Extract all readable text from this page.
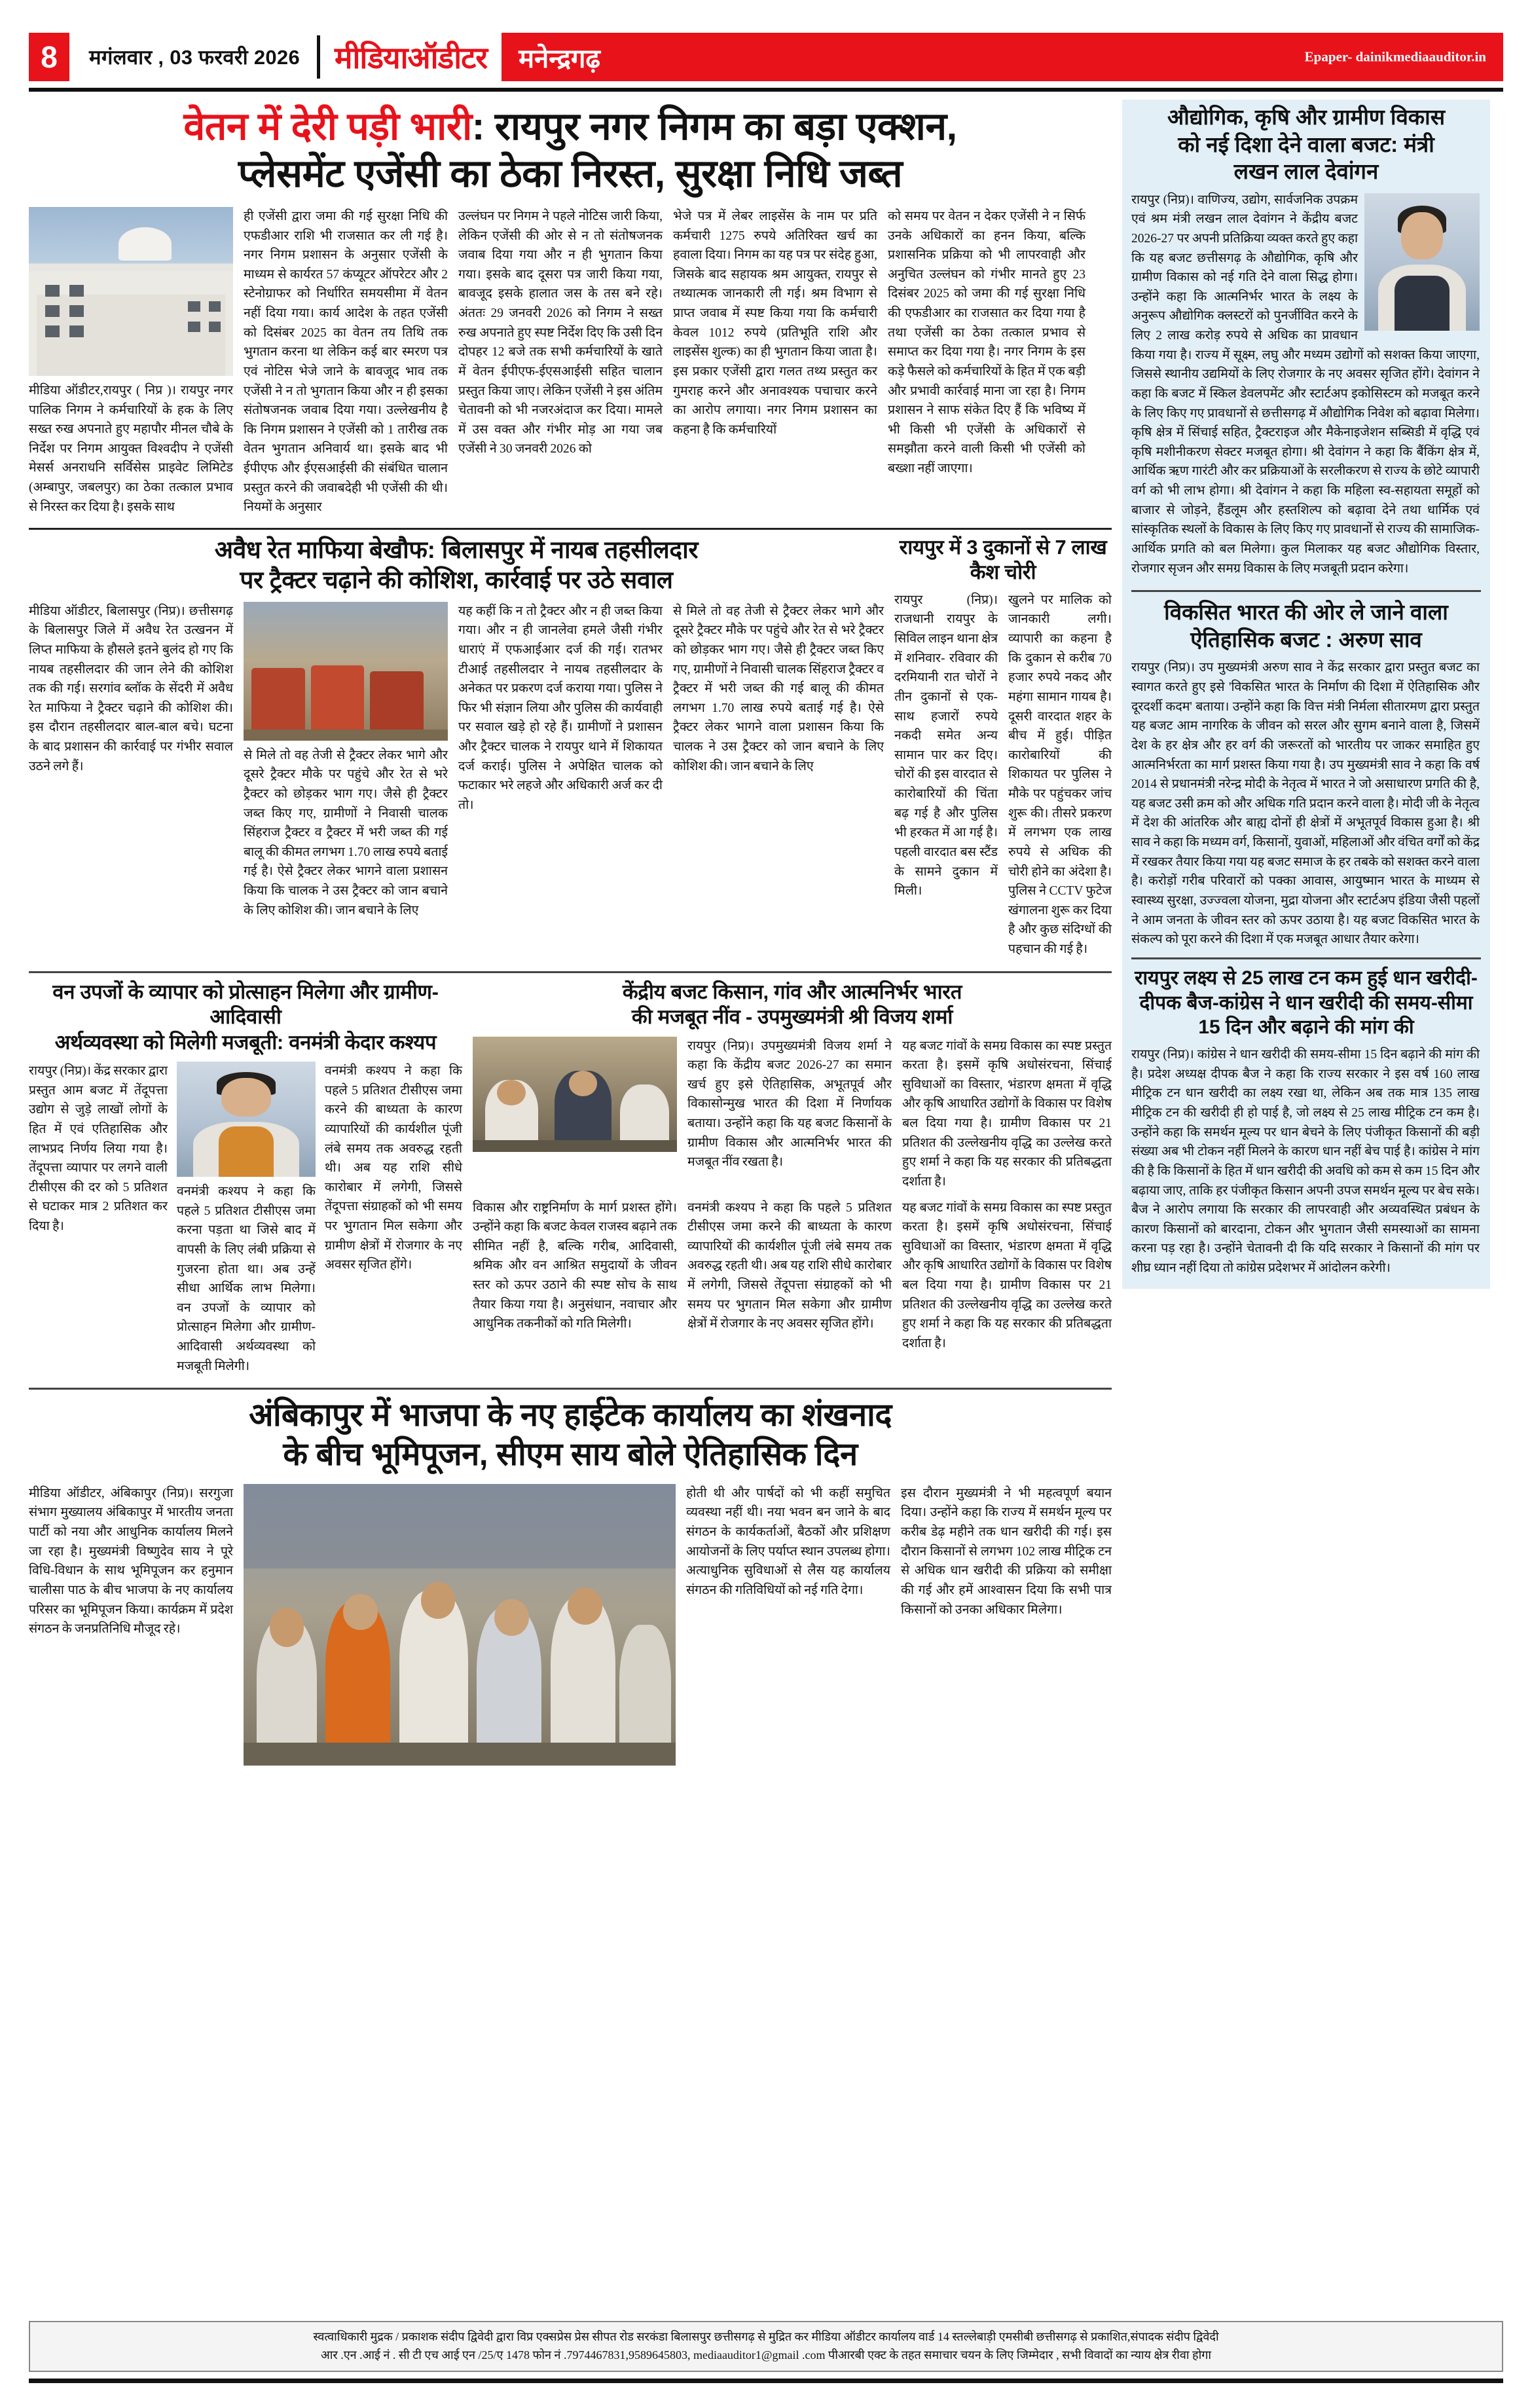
8	मगंलवार , 03 फरवरी 2026	मीडियाऑडीटर	मनेन्द्रगढ़	Epaper- dainikmediaauditor.in
वेतन में देरी पड़ी भारी: रायपुर नगर निगम का बड़ा एक्शन,
प्लेसमेंट एजेंसी का ठेका निरस्त, सुरक्षा निधि जब्त

मीडिया ऑडीटर,रायपुर ( निप्र )। रायपुर नगर पालिक निगम ने कर्मचारियों के हक के लिए सख्त रुख अपनाते हुए महापौर मीनल चौबे के निर्देश पर निगम आयुक्त विश्वदीप ने एजेंसी मेसर्स अनराधनि सर्विसेस प्राइवेट लिमिटेड (अम्बापुर, जबलपुर) का ठेका तत्काल प्रभाव से निरस्त कर दिया है। इसके साथ

ही एजेंसी द्वारा जमा की गई सुरक्षा निधि की एफडीआर राशि भी राजसात कर ली गई है। नगर निगम प्रशासन के अनुसार एजेंसी के माध्यम से कार्यरत 57 कंप्यूटर ऑपरेटर और 2 स्टेनोग्राफर को निर्धारित समयसीमा में वेतन नहीं दिया गया। कार्य आदेश के तहत एजेंसी को दिसंबर 2025 का वेतन तय तिथि तक भुगतान करना था लेकिन कई बार स्मरण पत्र एवं नोटिस भेजे जाने के बावजूद भाव तक एजेंसी ने न तो भुगतान किया और न ही इसका संतोषजनक जवाब दिया गया। उल्लेखनीय है कि निगम प्रशासन ने एजेंसी को 1 तारीख तक वेतन भुगतान अनिवार्य था। इसके बाद भी ईपीएफ और ईएसआईसी की संबंधित चालान प्रस्तुत करने की जवाबदेही भी एजेंसी की थी। नियमों के अनुसार

उल्लंघन पर निगम ने पहले नोटिस जारी किया, लेकिन एजेंसी की ओर से न तो संतोषजनक जवाब दिया गया और न ही भुगतान किया गया। इसके बाद दूसरा पत्र जारी किया गया, बावजूद इसके हालात जस के तस बने रहे। अंततः 29 जनवरी 2026 को निगम ने सख्त रुख अपनाते हुए स्पष्ट निर्देश दिए कि उसी दिन दोपहर 12 बजे तक सभी कर्मचारियों के खाते में वेतन ईपीएफ-ईएसआईसी सहित चालान प्रस्तुत किया जाए। लेकिन एजेंसी ने इस अंतिम चेतावनी को भी नजरअंदाज कर दिया। मामले में उस वक्त और गंभीर मोड़ आ गया जब एजेंसी ने 30 जनवरी 2026 को

भेजे पत्र में लेबर लाइसेंस के नाम पर प्रति कर्मचारी 1275 रुपये अतिरिक्त खर्च का हवाला दिया। निगम का यह पत्र पर संदेह हुआ, जिसके बाद सहायक श्रम आयुक्त, रायपुर से तथ्यात्मक जानकारी ली गई। श्रम विभाग से प्राप्त जवाब में स्पष्ट किया गया कि कर्मचारी केवल 1012 रुपये (प्रतिभूति राशि और लाइसेंस शुल्क) का ही भुगतान किया जाता है। इस प्रकार एजेंसी द्वारा गलत तथ्य प्रस्तुत कर गुमराह करने और अनावश्यक पचाचार करने का आरोप लगाया। नगर निगम प्रशासन का कहना है कि कर्मचारियों

को समय पर वेतन न देकर एजेंसी ने न सिर्फ उनके अधिकारों का हनन किया, बल्कि प्रशासनिक प्रक्रिया को भी लापरवाही और अनुचित उल्लंघन को गंभीर मानते हुए 23 दिसंबर 2025 को जमा की गई सुरक्षा निधि की एफडीआर का राजसात कर दिया गया है तथा एजेंसी का ठेका तत्काल प्रभाव से समाप्त कर दिया गया है। नगर निगम के इस कड़े फैसले को कर्मचारियों के हित में एक बड़ी और प्रभावी कार्रवाई माना जा रहा है। निगम प्रशासन ने साफ संकेत दिए हैं कि भविष्य में भी किसी भी एजेंसी के अधिकारों से समझौता करने वाली किसी भी एजेंसी को बख्शा नहीं जाएगा।

अवैध रेत माफिया बेखौफ: बिलासपुर में नायब तहसीलदार
पर ट्रैक्टर चढ़ाने की कोशिश, कार्रवाई पर उठे सवाल

मीडिया ऑडीटर, बिलासपुर (निप्र)। छत्तीसगढ़ के बिलासपुर जिले में अवैध रेत उत्खनन में लिप्त माफिया के हौसले इतने बुलंद हो गए कि नायब तहसीलदार की जान लेने की कोशिश तक की गई। सरगांव ब्लॉक के सेंदरी में अवैध रेत माफिया ने ट्रैक्टर चढ़ाने की कोशिश की। इस दौरान तहसीलदार बाल-बाल बचे। घटना के बाद प्रशासन की कार्रवाई पर गंभीर सवाल उठने लगे हैं।

से मिले तो वह तेजी से ट्रैक्टर लेकर भागे और दूसरे ट्रैक्टर मौके पर पहुंचे और रेत से भरे ट्रैक्टर को छोड़कर भाग गए। जैसे ही ट्रैक्टर जब्त किए गए, ग्रामीणों ने निवासी चालक सिंहराज ट्रैक्टर व ट्रैक्टर में भरी जब्त की गई बालू की कीमत लगभग 1.70 लाख रुपये बताई गई है। ऐसे ट्रैक्टर लेकर भागने वाला प्रशासन किया कि चालक ने उस ट्रैक्टर को जान बचाने के लिए कोशिश की। जान बचाने के लिए

यह कहीं कि न तो ट्रैक्टर और न ही जब्त किया गया। और न ही जानलेवा हमले जैसी गंभीर धाराएं में एफआईआर दर्ज की गई। रातभर टीआई तहसीलदार ने नायब तहसीलदार के अनेकत पर प्रकरण दर्ज कराया गया। पुलिस ने फिर भी संज्ञान लिया और पुलिस की कार्यवाही पर सवाल खड़े हो रहे हैं। ग्रामीणों ने प्रशासन और ट्रैक्टर चालक ने रायपुर थाने में शिकायत दर्ज कराई। पुलिस ने अपेक्षित चालक को फटाकार भरे लहजे और अधिकारी अर्ज कर दी तो।

से मिले तो वह तेजी से ट्रैक्टर लेकर भागे और दूसरे ट्रैक्टर मौके पर पहुंचे और रेत से भरे ट्रैक्टर को छोड़कर भाग गए। जैसे ही ट्रैक्टर जब्त किए गए, ग्रामीणों ने निवासी चालक सिंहराज ट्रैक्टर व ट्रैक्टर में भरी जब्त की गई बालू की कीमत लगभग 1.70 लाख रुपये बताई गई है। ऐसे ट्रैक्टर लेकर भागने वाला प्रशासन किया कि चालक ने उस ट्रैक्टर को जान बचाने के लिए कोशिश की। जान बचाने के लिए

रायपुर में 3 दुकानों से 7 लाख कैश चोरी

रायपुर (निप्र)। राजधानी रायपुर के सिविल लाइन थाना क्षेत्र में शनिवार- रविवार की दरमियानी रात चोरों ने तीन दुकानों से एक-साथ हजारों रुपये नकदी समेत अन्य सामान पार कर दिए। चोरों की इस वारदात से कारोबारियों की चिंता बढ़ गई है और पुलिस भी हरकत में आ गई है। पहली वारदात बस स्टैंड के सामने दुकान में मिली।

खुलने पर मालिक को जानकारी लगी। व्यापारी का कहना है कि दुकान से करीब 70 हजार रुपये नकद और महंगा सामान गायब है। दूसरी वारदात शहर के बीच में हुई। पीड़ित कारोबारियों की शिकायत पर पुलिस ने मौके पर पहुंचकर जांच शुरू की। तीसरे प्रकरण में लगभग एक लाख रुपये से अधिक की चोरी होने का अंदेशा है। पुलिस ने CCTV फुटेज खंगालना शुरू कर दिया है और कुछ संदिग्धों की पहचान की गई है।

वन उपजों के व्यापार को प्रोत्साहन मिलेगा और ग्रामीण-आदिवासी
अर्थव्यवस्था को मिलेगी मजबूती: वनमंत्री केदार कश्यप

रायपुर (निप्र)। केंद्र सरकार द्वारा प्रस्तुत आम बजट में तेंदूपत्ता उद्योग से जुड़े लाखों लोगों के हित में एवं एतिहासिक और लाभप्रद निर्णय लिया गया है। तेंदूपत्ता व्यापार पर लगने वाली टीसीएस की दर को 5 प्रतिशत से घटाकर मात्र 2 प्रतिशत कर दिया है।

वनमंत्री कश्यप ने कहा कि पहले 5 प्रतिशत टीसीएस जमा करना पड़ता था जिसे बाद में वापसी के लिए लंबी प्रक्रिया से गुजरना होता था। अब उन्हें सीधा आर्थिक लाभ मिलेगा। वन उपजों के व्यापार को प्रोत्साहन मिलेगा और ग्रामीण-आदिवासी अर्थव्यवस्था को मजबूती मिलेगी।

वनमंत्री कश्यप ने कहा कि पहले 5 प्रतिशत टीसीएस जमा करने की बाध्यता के कारण व्यापारियों की कार्यशील पूंजी लंबे समय तक अवरुद्ध रहती थी। अब यह राशि सीधे कारोबार में लगेगी, जिससे तेंदूपत्ता संग्राहकों को भी समय पर भुगतान मिल सकेगा और ग्रामीण क्षेत्रों में रोजगार के नए अवसर सृजित होंगे।

केंद्रीय बजट किसान, गांव और आत्मनिर्भर भारत
की मजबूत नींव - उपमुख्यमंत्री श्री विजय शर्मा

रायपुर (निप्र)। उपमुख्यमंत्री विजय शर्मा ने कहा कि केंद्रीय बजट 2026-27 का समान खर्च हुए इसे ऐतिहासिक, अभूतपूर्व और विकासोन्मुख भारत की दिशा में निर्णायक बताया। उन्होंने कहा कि यह बजट किसानों के ग्रामीण विकास और आत्मनिर्भर भारत की मजबूत नींव रखता है।

यह बजट गांवों के समग्र विकास का स्पष्ट प्रस्तुत करता है। इसमें कृषि अधोसंरचना, सिंचाई सुविधाओं का विस्तार, भंडारण क्षमता में वृद्धि और कृषि आधारित उद्योगों के विकास पर विशेष बल दिया गया है। ग्रामीण विकास पर 21 प्रतिशत की उल्लेखनीय वृद्धि का उल्लेख करते हुए शर्मा ने कहा कि यह सरकार की प्रतिबद्धता दर्शाता है।

विकास और राष्ट्रनिर्माण के मार्ग प्रशस्त होंगे। उन्होंने कहा कि बजट केवल राजस्व बढ़ाने तक सीमित नहीं है, बल्कि गरीब, आदिवासी, श्रमिक और वन आश्रित समुदायों के जीवन स्तर को ऊपर उठाने की स्पष्ट सोच के साथ तैयार किया गया है। अनुसंधान, नवाचार और आधुनिक तकनीकों को गति मिलेगी।

वनमंत्री कश्यप ने कहा कि पहले 5 प्रतिशत टीसीएस जमा करने की बाध्यता के कारण व्यापारियों की कार्यशील पूंजी लंबे समय तक अवरुद्ध रहती थी। अब यह राशि सीधे कारोबार में लगेगी, जिससे तेंदूपत्ता संग्राहकों को भी समय पर भुगतान मिल सकेगा और ग्रामीण क्षेत्रों में रोजगार के नए अवसर सृजित होंगे।

यह बजट गांवों के समग्र विकास का स्पष्ट प्रस्तुत करता है। इसमें कृषि अधोसंरचना, सिंचाई सुविधाओं का विस्तार, भंडारण क्षमता में वृद्धि और कृषि आधारित उद्योगों के विकास पर विशेष बल दिया गया है। ग्रामीण विकास पर 21 प्रतिशत की उल्लेखनीय वृद्धि का उल्लेख करते हुए शर्मा ने कहा कि यह सरकार की प्रतिबद्धता दर्शाता है।

अंबिकापुर में भाजपा के नए हाईटेक कार्यालय का शंखनाद
के बीच भूमिपूजन, सीएम साय बोले ऐतिहासिक दिन

मीडिया ऑडीटर, अंबिकापुर (निप्र)। सरगुजा संभाग मुख्यालय अंबिकापुर में भारतीय जनता पार्टी को नया और आधुनिक कार्यालय मिलने जा रहा है। मुख्यमंत्री विष्णुदेव साय ने पूरे विधि-विधान के साथ भूमिपूजन कर हनुमान चालीसा पाठ के बीच भाजपा के नए कार्यालय परिसर का भूमिपूजन किया। कार्यक्रम में प्रदेश संगठन के जनप्रतिनिधि मौजूद रहे।

होती थी और पार्षदों को भी कहीं समुचित व्यवस्था नहीं थी। नया भवन बन जाने के बाद संगठन के कार्यकर्ताओं, बैठकों और प्रशिक्षण आयोजनों के लिए पर्याप्त स्थान उपलब्ध होगा। अत्याधुनिक सुविधाओं से लैस यह कार्यालय संगठन की गतिविधियों को नई गति देगा।

इस दौरान मुख्यमंत्री ने भी महत्वपूर्ण बयान दिया। उन्होंने कहा कि राज्य में समर्थन मूल्य पर करीब डेढ़ महीने तक धान खरीदी की गई। इस दौरान किसानों से लगभग 102 लाख मीट्रिक टन से अधिक धान खरीदी की प्रक्रिया को समीक्षा की गई और हमें आश्वासन दिया कि सभी पात्र किसानों को उनका अधिकार मिलेगा।

औद्योगिक, कृषि और ग्रामीण विकास
को नई दिशा देने वाला बजट: मंत्री
लखन लाल देवांगन

रायपुर (निप्र)। वाणिज्य, उद्योग, सार्वजनिक उपक्रम एवं श्रम मंत्री लखन लाल देवांगन ने केंद्रीय बजट 2026-27 पर अपनी प्रतिक्रिया व्यक्त करते हुए कहा कि यह बजट छत्तीसगढ़ के औद्योगिक, कृषि और ग्रामीण विकास को नई गति देने वाला सिद्ध होगा। उन्होंने कहा कि आत्मनिर्भर भारत के लक्ष्य के अनुरूप औद्योगिक क्लस्टरों को पुनर्जीवित करने के लिए 2 लाख करोड़ रुपये से अधिक का प्रावधान किया गया है। राज्य में सूक्ष्म, लघु और मध्यम उद्योगों को सशक्त किया जाएगा, जिससे स्थानीय उद्यमियों के लिए रोजगार के नए अवसर सृजित होंगे। देवांगन ने कहा कि बजट में स्किल डेवलपमेंट और स्टार्टअप इकोसिस्टम को मजबूत करने के लिए किए गए प्रावधानों से छत्तीसगढ़ में औद्योगिक निवेश को बढ़ावा मिलेगा। कृषि क्षेत्र में सिंचाई सहित, ट्रैक्टराइज और मैकेनाइजेशन सब्सिडी में वृद्धि एवं कृषि मशीनीकरण सेक्टर मजबूत होगा। श्री देवांगन ने कहा कि बैंकिंग क्षेत्र में, आर्थिक ऋण गारंटी और कर प्रक्रियाओं के सरलीकरण से राज्य के छोटे व्यापारी वर्ग को भी लाभ होगा। श्री देवांगन ने कहा कि महिला स्व-सहायता समूहों को बाजार से जोड़ने, हैंडलूम और हस्तशिल्प को बढ़ावा देने तथा धार्मिक एवं सांस्कृतिक स्थलों के विकास के लिए किए गए प्रावधानों से राज्य की सामाजिक-आर्थिक प्रगति को बल मिलेगा। कुल मिलाकर यह बजट औद्योगिक विस्तार, रोजगार सृजन और समग्र विकास के लिए मजबूती प्रदान करेगा।

विकसित भारत की ओर ले जाने वाला
ऐतिहासिक बजट : अरुण साव

रायपुर (निप्र)। उप मुख्यमंत्री अरुण साव ने केंद्र सरकार द्वारा प्रस्तुत बजट का स्वागत करते हुए इसे 'विकसित भारत के निर्माण की दिशा में ऐतिहासिक और दूरदर्शी कदम' बताया। उन्होंने कहा कि वित्त मंत्री निर्मला सीतारमण द्वारा प्रस्तुत यह बजट आम नागरिक के जीवन को सरल और सुगम बनाने वाला है, जिसमें देश के हर क्षेत्र और हर वर्ग की जरूरतों को भारतीय पर जाकर समाहित हुए आत्मनिर्भरता का मार्ग प्रशस्त किया गया है। उप मुख्यमंत्री साव ने कहा कि वर्ष 2014 से प्रधानमंत्री नरेन्द्र मोदी के नेतृत्व में भारत ने जो असाधारण प्रगति की है, यह बजट उसी क्रम को और अधिक गति प्रदान करने वाला है। मोदी जी के नेतृत्व में देश की आंतरिक और बाह्य दोनों ही क्षेत्रों में अभूतपूर्व विकास हुआ है। श्री साव ने कहा कि मध्यम वर्ग, किसानों, युवाओं, महिलाओं और वंचित वर्गों को केंद्र में रखकर तैयार किया गया यह बजट समाज के हर तबके को सशक्त करने वाला है। करोड़ों गरीब परिवारों को पक्का आवास, आयुष्मान भारत के माध्यम से स्वास्थ्य सुरक्षा, उज्ज्वला योजना, मुद्रा योजना और स्टार्टअप इंडिया जैसी पहलों ने आम जनता के जीवन स्तर को ऊपर उठाया है। यह बजट विकसित भारत के संकल्प को पूरा करने की दिशा में एक मजबूत आधार तैयार करेगा।

रायपुर लक्ष्य से 25 लाख टन कम हुई धान खरीदी-
दीपक बैज-कांग्रेस ने धान खरीदी की समय-सीमा
15 दिन और बढ़ाने की मांग की

रायपुर (निप्र)। कांग्रेस ने धान खरीदी की समय-सीमा 15 दिन बढ़ाने की मांग की है। प्रदेश अध्यक्ष दीपक बैज ने कहा कि राज्य सरकार ने इस वर्ष 160 लाख मीट्रिक टन धान खरीदी का लक्ष्य रखा था, लेकिन अब तक मात्र 135 लाख मीट्रिक टन की खरीदी ही हो पाई है, जो लक्ष्य से 25 लाख मीट्रिक टन कम है। उन्होंने कहा कि समर्थन मूल्य पर धान बेचने के लिए पंजीकृत किसानों की बड़ी संख्या अब भी टोकन नहीं मिलने के कारण धान नहीं बेच पाई है। कांग्रेस ने मांग की है कि किसानों के हित में धान खरीदी की अवधि को कम से कम 15 दिन और बढ़ाया जाए, ताकि हर पंजीकृत किसान अपनी उपज समर्थन मूल्य पर बेच सके। बैज ने आरोप लगाया कि सरकार की लापरवाही और अव्यवस्थित प्रबंधन के कारण किसानों को बारदाना, टोकन और भुगतान जैसी समस्याओं का सामना करना पड़ रहा है। उन्होंने चेतावनी दी कि यदि सरकार ने किसानों की मांग पर शीघ्र ध्यान नहीं दिया तो कांग्रेस प्रदेशभर में आंदोलन करेगी।

स्वत्वाधिकारी मुद्रक / प्रकाशक संदीप द्विवेदी द्वारा विप्र एक्सप्रेस प्रेस सीपत रोड सरकंडा बिलासपुर छत्तीसगढ़ से मुद्रित कर मीडिया ऑडीटर कार्यालय वार्ड 14 स्तल्लेबाड़ी एमसीबी छत्तीसगढ़ से प्रकाशित,संपादक संदीप द्विवेदी
आर .एन .आई नं . सी टी एच आई एन /25/ए 1478 फोन नं .7974467831,9589645803, mediaauditor1@gmail .com पीआरबी एक्ट के तहत समाचार चयन के लिए जिम्मेदार , सभी विवादों का न्याय क्षेत्र रीवा होगा
